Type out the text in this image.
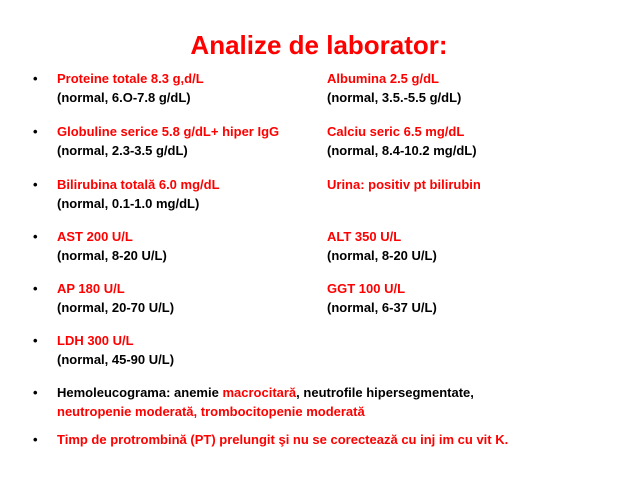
Analize de laborator:
• Proteine totale 8.3 g,d/L
(normal, 6.O-7.8 g/dL)
Albumina 2.5 g/dL
(normal, 3.5.-5.5 g/dL)
• Globuline serice 5.8 g/dL+ hiper IgG
(normal, 2.3-3.5 g/dL)
Calciu seric 6.5 mg/dL
(normal, 8.4-10.2 mg/dL)
• Bilirubina totală 6.0 mg/dL
(normal, 0.1-1.0 mg/dL)
Urina: positiv pt bilirubin
• AST 200 U/L
(normal, 8-20 U/L)
ALT 350 U/L
(normal, 8-20 U/L)
• AP 180 U/L
(normal, 20-70 U/L)
GGT 100 U/L
(normal, 6-37 U/L)
• LDH 300 U/L
(normal, 45-90 U/L)
• Hemoleucograma: anemie macrocitară, neutrofile hipersegmentate,
neutropenie moderată, trombocitopenie moderată
• Timp de protrombină (PT) prelungit şi nu se corectează cu inj im cu vit K.
